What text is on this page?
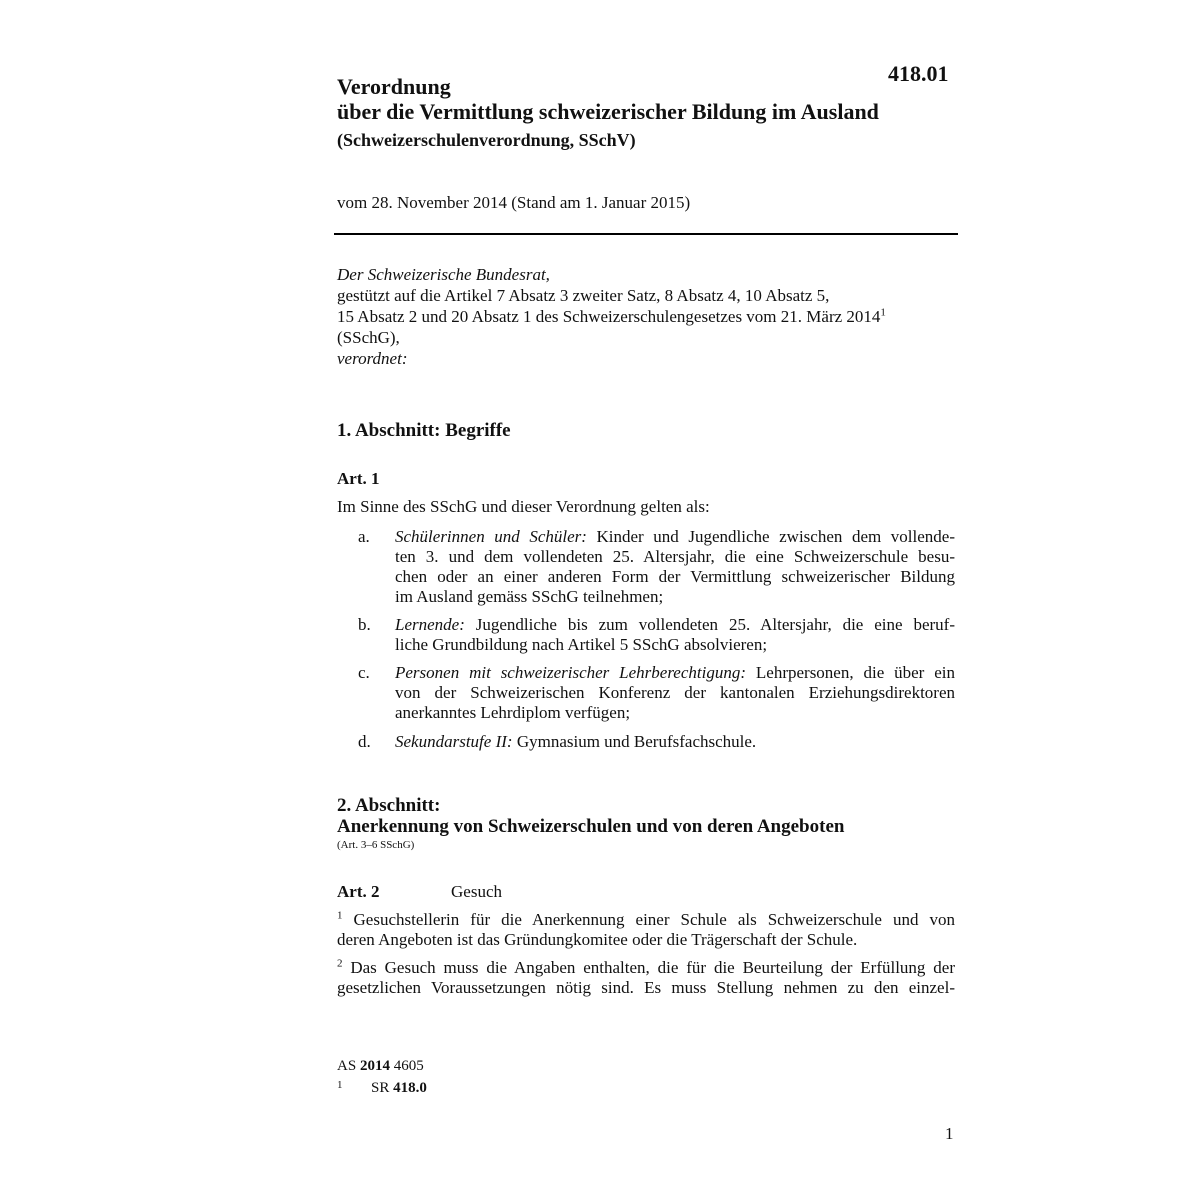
418.01
Verordnung
über die Vermittlung schweizerischer Bildung im Ausland
(Schweizerschulenverordnung, SSchV)
vom 28. November 2014 (Stand am 1. Januar 2015)
Der Schweizerische Bundesrat,
gestützt auf die Artikel 7 Absatz 3 zweiter Satz, 8 Absatz 4, 10 Absatz 5,
15 Absatz 2 und 20 Absatz 1 des Schweizerschulengesetzes vom 21. März 2014$^1$
(SSchG),
verordnet:
1. Abschnitt: Begriffe
Art. 1
Im Sinne des SSchG und dieser Verordnung gelten als:
a. Schülerinnen und Schüler: Kinder und Jugendliche zwischen dem vollende-
ten 3. und dem vollendeten 25. Altersjahr, die eine Schweizerschule besu-
chen oder an einer anderen Form der Vermittlung schweizerischer Bildung
im Ausland gemäss SSchG teilnehmen;
b. Lernende: Jugendliche bis zum vollendeten 25. Altersjahr, die eine beruf-
liche Grundbildung nach Artikel 5 SSchG absolvieren;
c. Personen mit schweizerischer Lehrberechtigung: Lehrpersonen, die über ein
von der Schweizerischen Konferenz der kantonalen Erziehungsdirektoren
anerkanntes Lehrdiplom verfügen;
d. Sekundarstufe II: Gymnasium und Berufsfachschule.
2. Abschnitt:
Anerkennung von Schweizerschulen und von deren Angeboten
(Art. 3–6 SSchG)
Art. 2	Gesuch
$^1$ Gesuchstellerin für die Anerkennung einer Schule als Schweizerschule und von
deren Angeboten ist das Gründungkomitee oder die Trägerschaft der Schule.
$^2$ Das Gesuch muss die Angaben enthalten, die für die Beurteilung der Erfüllung der
gesetzlichen Voraussetzungen nötig sind. Es muss Stellung nehmen zu den einzel-
AS 2014 4605
1 SR 418.0
1
